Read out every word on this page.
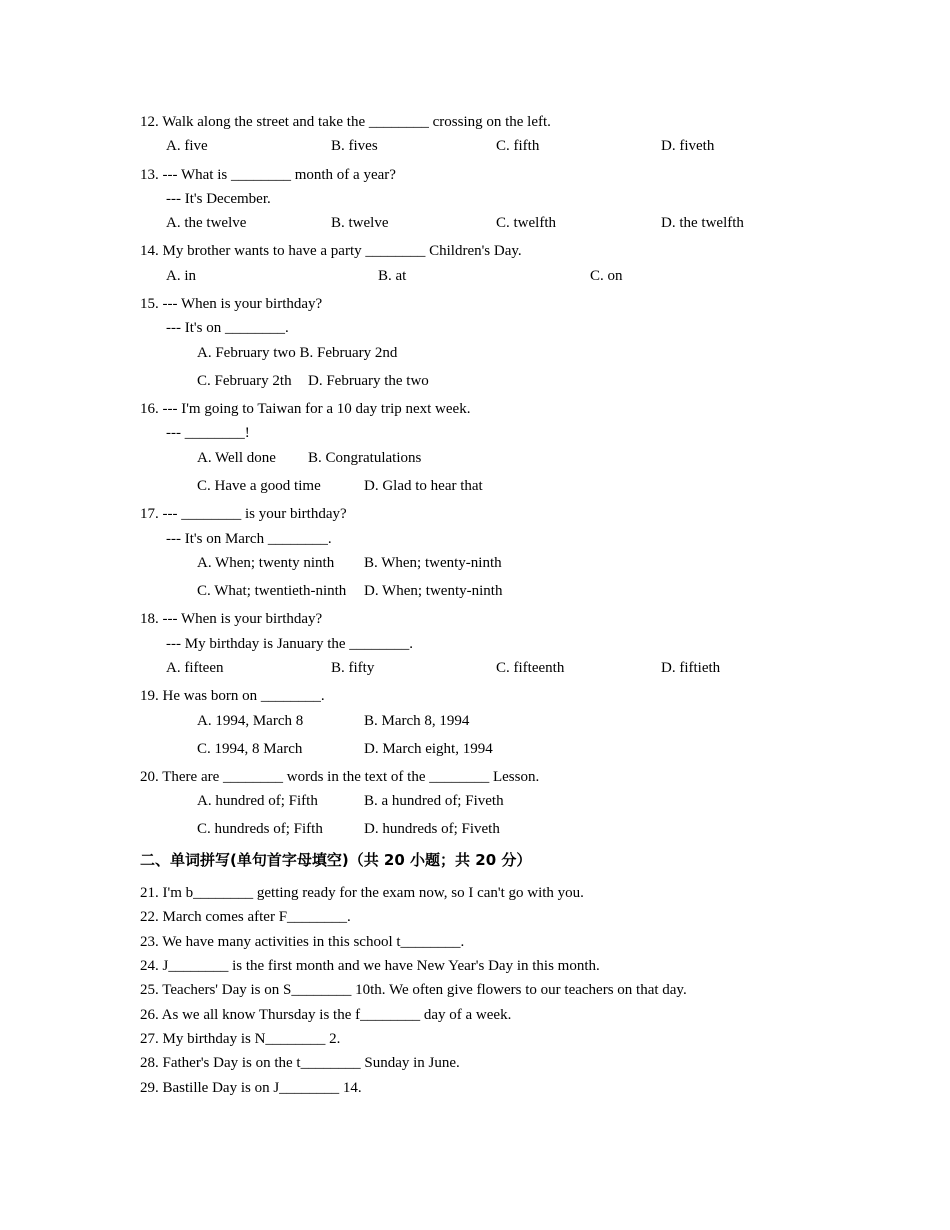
12. Walk along the street and take the ________ crossing on the left.
A. five	B. fives	C. fifth	D. fiveth
13. --- What is ________ month of a year?
--- It's December.
A. the twelve	B. twelve	C. twelfth	D. the twelfth
14. My brother wants to have a party ________ Children's Day.
A. in	B. at	C. on
15. --- When is your birthday?
--- It's on ________.
A. February two B. February 2nd
C. February 2th D. February the two
16. --- I'm going to Taiwan for a 10 day trip next week.
--- ________!
A. Well done B. Congratulations
C. Have a good time	D. Glad to hear that
17. --- ________ is your birthday?
--- It's on March ________.
A. When; twenty ninth B. When; twenty-ninth
C. What; twentieth-ninth D. When; twenty-ninth
18. --- When is your birthday?
--- My birthday is January the ________.
A. fifteen	B. fifty	C. fifteenth	D. fiftieth
19. He was born on ________.
A. 1994, March 8	B. March 8, 1994
C. 1994, 8 March	D. March eight, 1994
20. There are ________ words in the text of the ________ Lesson.
A. hundred of; Fifth	B. a hundred of; Fiveth
C. hundreds of; Fifth	D. hundreds of; Fiveth
二、单词拼写(单句首字母填空)（共 20 小题；共 20 分）
21. I'm b________ getting ready for the exam now, so I can't go with you.
22. March comes after F________.
23. We have many activities in this school t________.
24. J________ is the first month and we have New Year's Day in this month.
25. Teachers' Day is on S________ 10th. We often give flowers to our teachers on that day.
26. As we all know Thursday is the f________ day of a week.
27. My birthday is N________ 2.
28. Father's Day is on the t________ Sunday in June.
29. Bastille Day is on J________ 14.
